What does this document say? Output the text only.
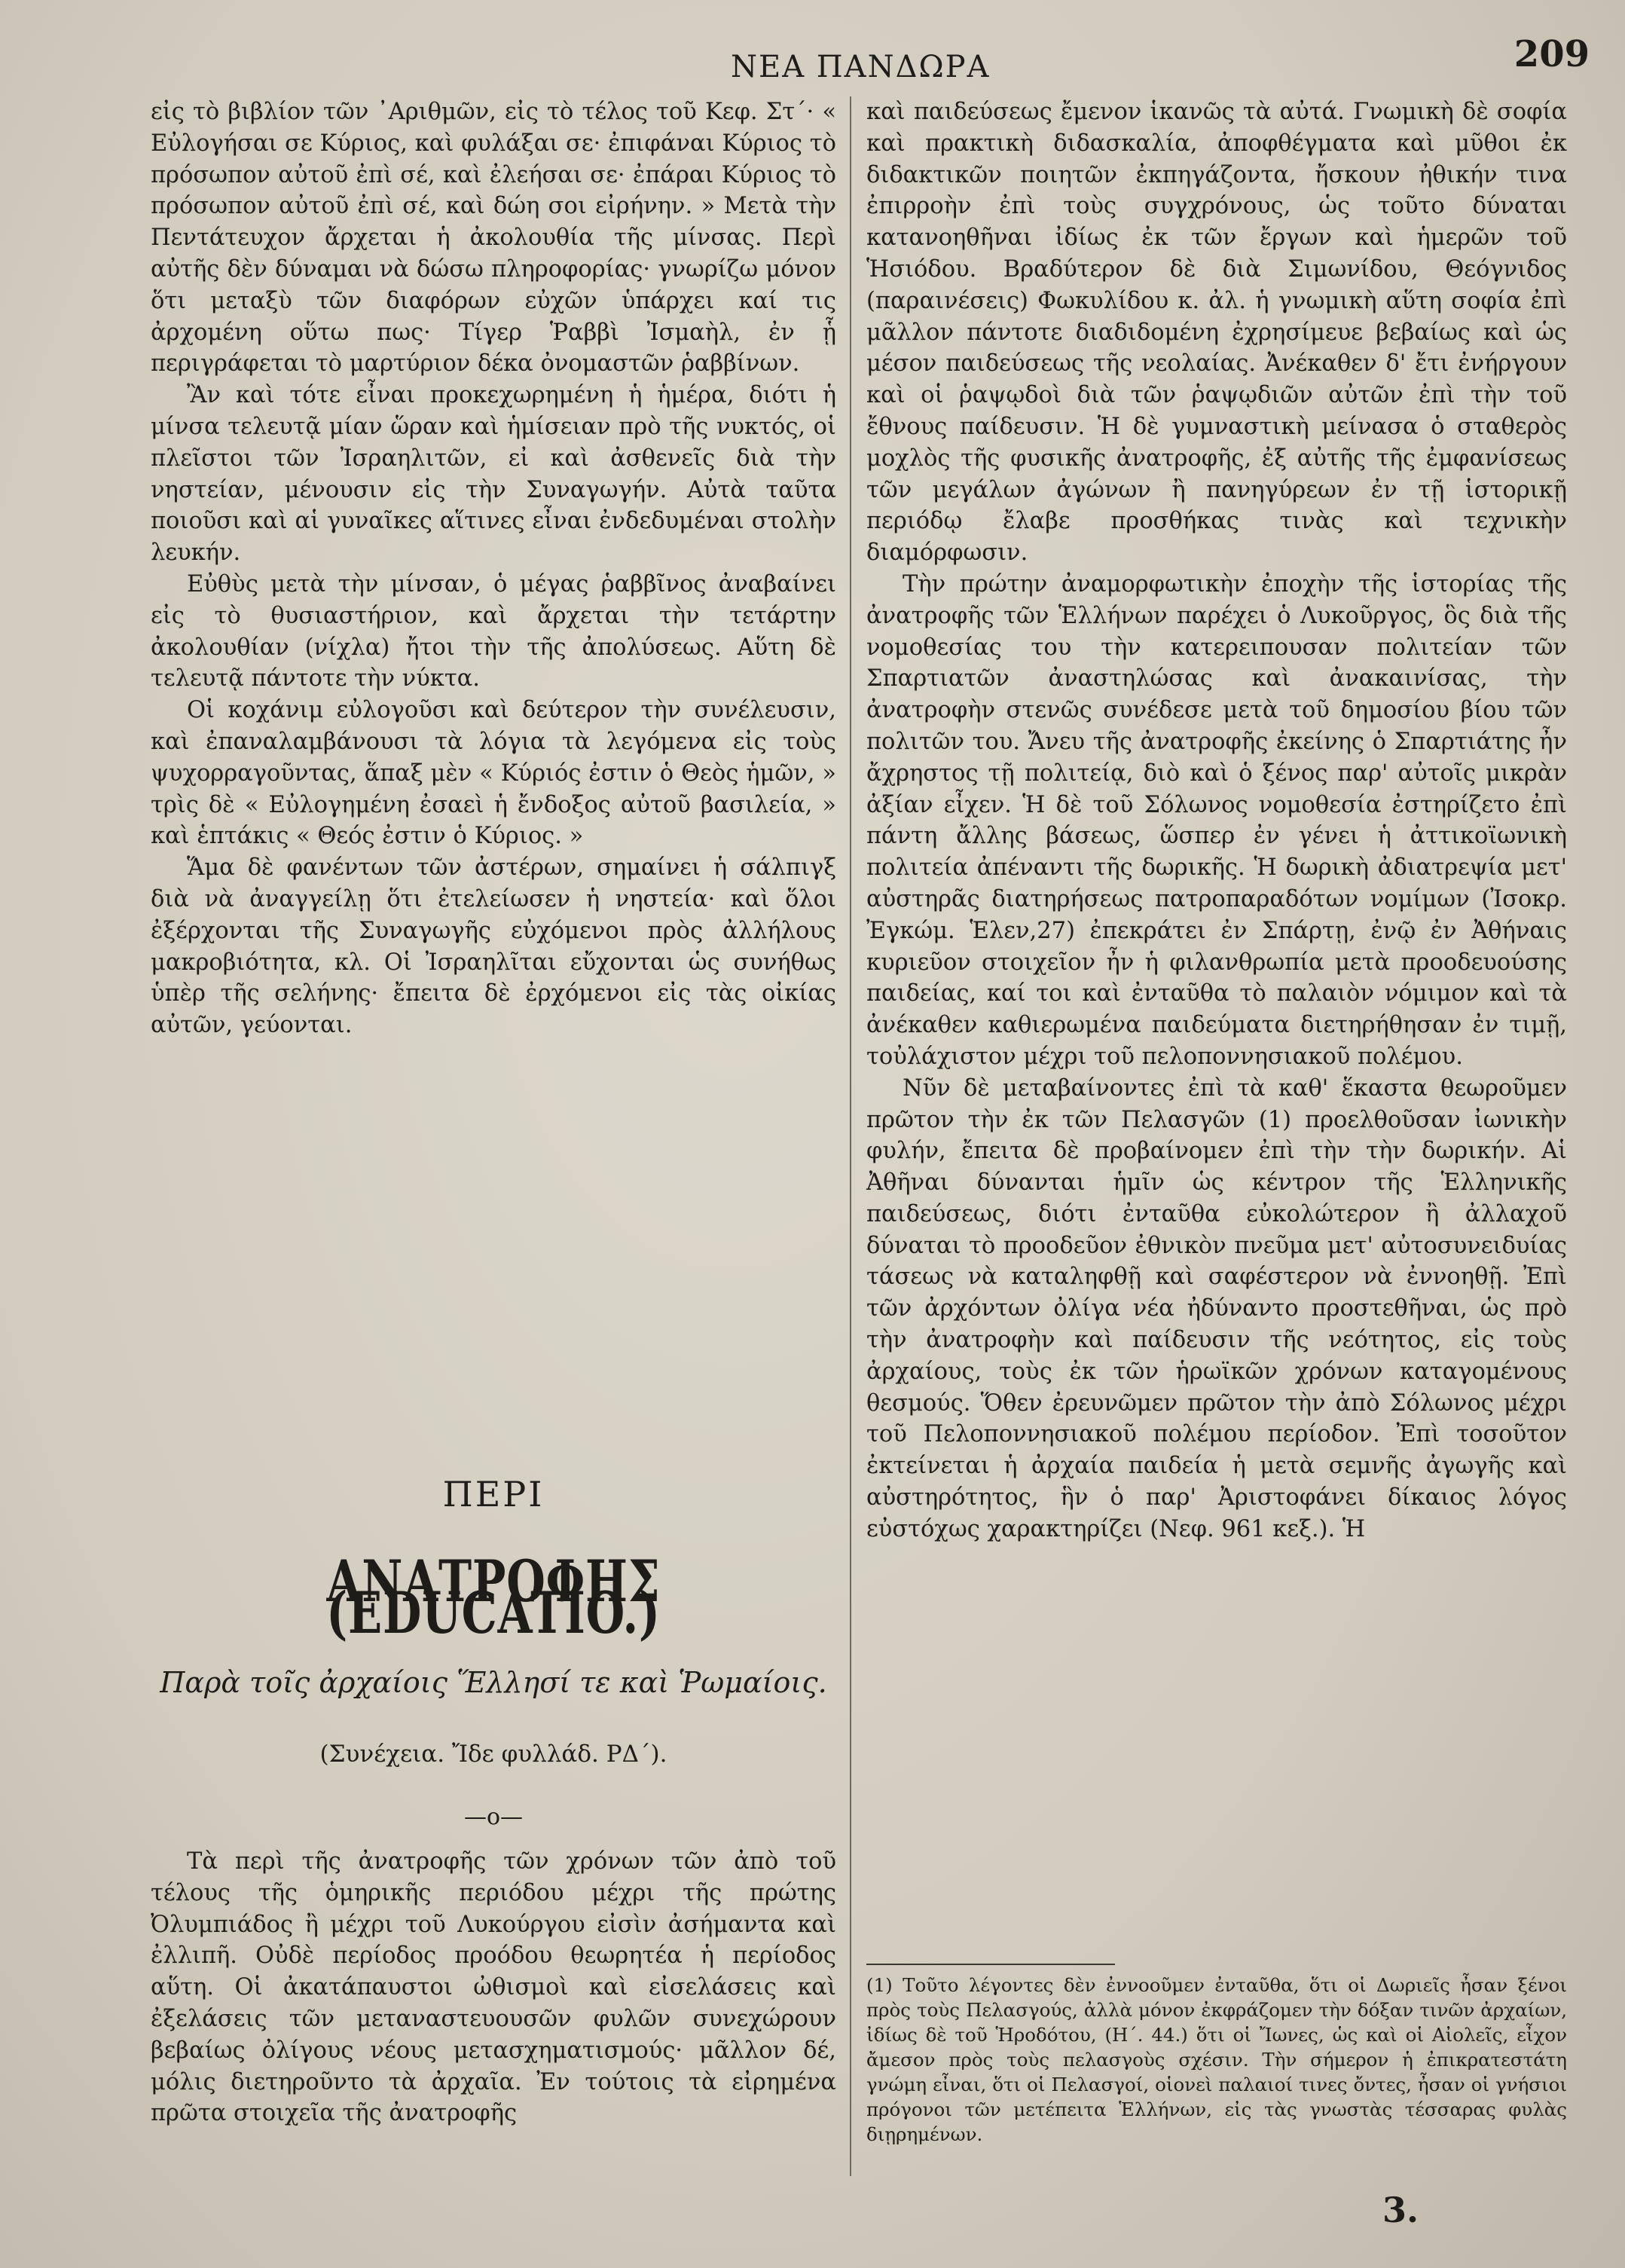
ΝΕΑ ΠΑΝΔΩΡΑ	209

εἰς τὸ βιβλίον τῶν ᾿Αριθμῶν, εἰς τὸ τέλος τοῦ Κεφ. Στ΄· « Εὐλογήσαι σε Κύριος, καὶ φυλάξαι σε· ἐπιφάναι Κύριος τὸ πρόσωπον αὐτοῦ ἐπὶ σέ, καὶ ἐλεήσαι σε· ἐπάραι Κύριος τὸ πρόσωπον αὐτοῦ ἐπὶ σέ, καὶ δώη σοι εἰρήνην. » Μετὰ τὴν Πεντάτευχον ἄρχεται ἡ ἀκολουθία τῆς μίνσας. Περὶ αὐτῆς δὲν δύναμαι νὰ δώσω πληροφορίας· γνωρίζω μόνον ὅτι μεταξὺ τῶν διαφόρων εὐχῶν ὑπάρχει καί τις ἀρχομένη οὕτω πως· Τίγερ Ῥαββὶ Ἰσμαὴλ, ἐν ᾗ περιγράφεται τὸ μαρτύριον δέκα ὀνομαστῶν ῥαββίνων.

Ἂν καὶ τότε εἶναι προκεχωρημένη ἡ ἡμέρα, διότι ἡ μίνσα τελευτᾷ μίαν ὥραν καὶ ἡμίσειαν πρὸ τῆς νυκτός, οἱ πλεῖστοι τῶν Ἰσραηλιτῶν, εἰ καὶ ἀσθενεῖς διὰ τὴν νηστείαν, μένουσιν εἰς τὴν Συναγωγήν. Αὐτὰ ταῦτα ποιοῦσι καὶ αἱ γυναῖκες αἵτινες εἶναι ἐνδεδυμέναι στολὴν λευκήν.

Εὐθὺς μετὰ τὴν μίνσαν, ὁ μέγας ῥαββῖνος ἀναβαίνει εἰς τὸ θυσιαστήριον, καὶ ἄρχεται τὴν τετάρτην ἀκολουθίαν (νίχλα) ἤτοι τὴν τῆς ἀπολύσεως. Αὕτη δὲ τελευτᾷ πάντοτε τὴν νύκτα.

Οἱ κοχάνιμ εὐλογοῦσι καὶ δεύτερον τὴν συνέλευσιν, καὶ ἐπαναλαμβάνουσι τὰ λόγια τὰ λεγόμενα εἰς τοὺς ψυχορραγοῦντας, ἅπαξ μὲν « Κύριός ἐστιν ὁ Θεὸς ἡμῶν, » τρὶς δὲ « Εὐλογημένη ἐσαεὶ ἡ ἔνδοξος αὐτοῦ βασιλεία, » καὶ ἑπτάκις « Θεός ἐστιν ὁ Κύριος. »

Ἅμα δὲ φανέντων τῶν ἀστέρων, σημαίνει ἡ σάλπιγξ διὰ νὰ ἀναγγείλῃ ὅτι ἐτελείωσεν ἡ νηστεία· καὶ ὅλοι ἐξέρχονται τῆς Συναγωγῆς εὐχόμενοι πρὸς ἀλλήλους μακροβιότητα, κλ. Οἱ Ἰσραηλῖται εὔχονται ὡς συνήθως ὑπὲρ τῆς σελήνης· ἔπειτα δὲ ἐρχόμενοι εἰς τὰς οἰκίας αὐτῶν, γεύονται.

ΠΕΡΙ
ΑΝΑΤΡΟΦΗΣ (EDUCATIO.)
Παρὰ τοῖς ἀρχαίοις Ἕλλησί τε καὶ Ῥωμαίοις.
(Συνέχεια. Ἴδε φυλλάδ. ΡΔ΄).
—o—

Τὰ περὶ τῆς ἀνατροφῆς τῶν χρόνων τῶν ἀπὸ τοῦ τέλους τῆς ὁμηρικῆς περιόδου μέχρι τῆς πρώτης Ὀλυμπιάδος ἢ μέχρι τοῦ Λυκούργου εἰσὶν ἀσήμαντα καὶ ἐλλιπῆ. Οὐδὲ περίοδος προόδου θεωρητέα ἡ περίοδος αὕτη. Οἱ ἀκατάπαυστοι ὠθισμοὶ καὶ εἰσελάσεις καὶ ἐξελάσεις τῶν μεταναστευουσῶν φυλῶν συνεχώρουν βεβαίως ὀλίγους νέους μετασχηματισμούς· μᾶλλον δέ, μόλις διετηροῦντο τὰ ἀρχαῖα. Ἐν τούτοις τὰ εἰρημένα πρῶτα στοιχεῖα τῆς ἀνατροφῆς

καὶ παιδεύσεως ἔμενον ἱκανῶς τὰ αὐτά. Γνωμικὴ δὲ σοφία καὶ πρακτικὴ διδασκαλία, ἀποφθέγματα καὶ μῦθοι ἐκ διδακτικῶν ποιητῶν ἐκπηγάζοντα, ἤσκουν ἠθικήν τινα ἐπιρροὴν ἐπὶ τοὺς συγχρόνους, ὡς τοῦτο δύναται κατανοηθῆναι ἰδίως ἐκ τῶν ἔργων καὶ ἡμερῶν τοῦ Ἡσιόδου. Βραδύτερον δὲ διὰ Σιμωνίδου, Θεόγνιδος (παραινέσεις) Φωκυλίδου κ. ἀλ. ἡ γνωμικὴ αὕτη σοφία ἐπὶ μᾶλλον πάντοτε διαδιδομένη ἐχρησίμευε βεβαίως καὶ ὡς μέσον παιδεύσεως τῆς νεολαίας. Ἀνέκαθεν δ' ἔτι ἐνήργουν καὶ οἱ ῥαψῳδοὶ διὰ τῶν ῥαψῳδιῶν αὐτῶν ἐπὶ τὴν τοῦ ἔθνους παίδευσιν. Ἡ δὲ γυμναστικὴ μείνασα ὁ σταθερὸς μοχλὸς τῆς φυσικῆς ἀνατροφῆς, ἐξ αὐτῆς τῆς ἐμφανίσεως τῶν μεγάλων ἀγώνων ἢ πανηγύρεων ἐν τῇ ἱστορικῇ περιόδῳ ἔλαβε προσθήκας τινὰς καὶ τεχνικὴν διαμόρφωσιν.

Τὴν πρώτην ἀναμορφωτικὴν ἐποχὴν τῆς ἱστορίας τῆς ἀνατροφῆς τῶν Ἑλλήνων παρέχει ὁ Λυκοῦργος, ὃς διὰ τῆς νομοθεσίας του τὴν κατερειπουσαν πολιτείαν τῶν Σπαρτιατῶν ἀναστηλώσας καὶ ἀνακαινίσας, τὴν ἀνατροφὴν στενῶς συνέδεσε μετὰ τοῦ δημοσίου βίου τῶν πολιτῶν του. Ἄνευ τῆς ἀνατροφῆς ἐκείνης ὁ Σπαρτιάτης ἦν ἄχρηστος τῇ πολιτείᾳ, διὸ καὶ ὁ ξένος παρ' αὐτοῖς μικρὰν ἀξίαν εἶχεν. Ἡ δὲ τοῦ Σόλωνος νομοθεσία ἐστηρίζετο ἐπὶ πάντη ἄλλης βάσεως, ὥσπερ ἐν γένει ἡ ἀττικοϊωνικὴ πολιτεία ἀπέναντι τῆς δωρικῆς. Ἡ δωρικὴ ἀδιατρεψία μετ' αὐστηρᾶς διατηρήσεως πατροπαραδότων νομίμων (Ἰσοκρ. Ἐγκώμ. Ἑλεν,27) ἐπεκράτει ἐν Σπάρτῃ, ἐνῷ ἐν Ἀθήναις κυριεῦον στοιχεῖον ἦν ἡ φιλανθρωπία μετὰ προοδευούσης παιδείας, καί τοι καὶ ἐνταῦθα τὸ παλαιὸν νόμιμον καὶ τὰ ἀνέκαθεν καθιερωμένα παιδεύματα διετηρήθησαν ἐν τιμῇ, τοὐλάχιστον μέχρι τοῦ πελοποννησιακοῦ πολέμου.

Νῦν δὲ μεταβαίνοντες ἐπὶ τὰ καθ' ἕκαστα θεωροῦμεν πρῶτον τὴν ἐκ τῶν Πελασγῶν (1) προελθοῦσαν ἰωνικὴν φυλήν, ἔπειτα δὲ προβαίνομεν ἐπὶ τὴν τὴν δωρικήν. Αἱ Ἀθῆναι δύνανται ἡμῖν ὡς κέντρον τῆς Ἑλληνικῆς παιδεύσεως, διότι ἐνταῦθα εὐκολώτερον ἢ ἀλλαχοῦ δύναται τὸ προοδεῦον ἐθνικὸν πνεῦμα μετ' αὐτοσυνειδυίας τάσεως νὰ καταληφθῇ καὶ σαφέστερον νὰ ἐννοηθῇ. Ἐπὶ τῶν ἀρχόντων ὀλίγα νέα ἠδύναντο προστεθῆναι, ὡς πρὸ τὴν ἀνατροφὴν καὶ παίδευσιν τῆς νεότητος, εἰς τοὺς ἀρχαίους, τοὺς ἐκ τῶν ἡρωϊκῶν χρόνων καταγομένους θεσμούς. Ὅθεν ἐρευνῶμεν πρῶτον τὴν ἀπὸ Σόλωνος μέχρι τοῦ Πελοποννησιακοῦ πολέμου περίοδον. Ἐπὶ τοσοῦτον ἐκτείνεται ἡ ἀρχαία παιδεία ἡ μετὰ σεμνῆς ἀγωγῆς καὶ αὐστηρότητος, ἣν ὁ παρ' Ἀριστοφάνει δίκαιος λόγος εὐστόχως χαρακτηρίζει (Νεφ. 961 κεξ.). Ἡ

(1) Τοῦτο λέγοντες δὲν ἐννοοῦμεν ἐνταῦθα, ὅτι οἱ Δωριεῖς ἦσαν ξένοι πρὸς τοὺς Πελασγούς, ἀλλὰ μόνον ἐκφράζομεν τὴν δόξαν τινῶν ἀρχαίων, ἰδίως δὲ τοῦ Ἡροδότου, (Η΄. 44.) ὅτι οἱ Ἴωνες, ὡς καὶ οἱ Αἰολεῖς, εἶχον ἄμεσον πρὸς τοὺς πελασγοὺς σχέσιν. Τὴν σήμερον ἡ ἐπικρατεστάτη γνώμη εἶναι, ὅτι οἱ Πελασγοί, οἱονεὶ παλαιοί τινες ὄντες, ἦσαν οἱ γνήσιοι πρόγονοι τῶν μετέπειτα Ἑλλήνων, εἰς τὰς γνωστὰς τέσσαρας φυλὰς διῃρημένων.
3.
